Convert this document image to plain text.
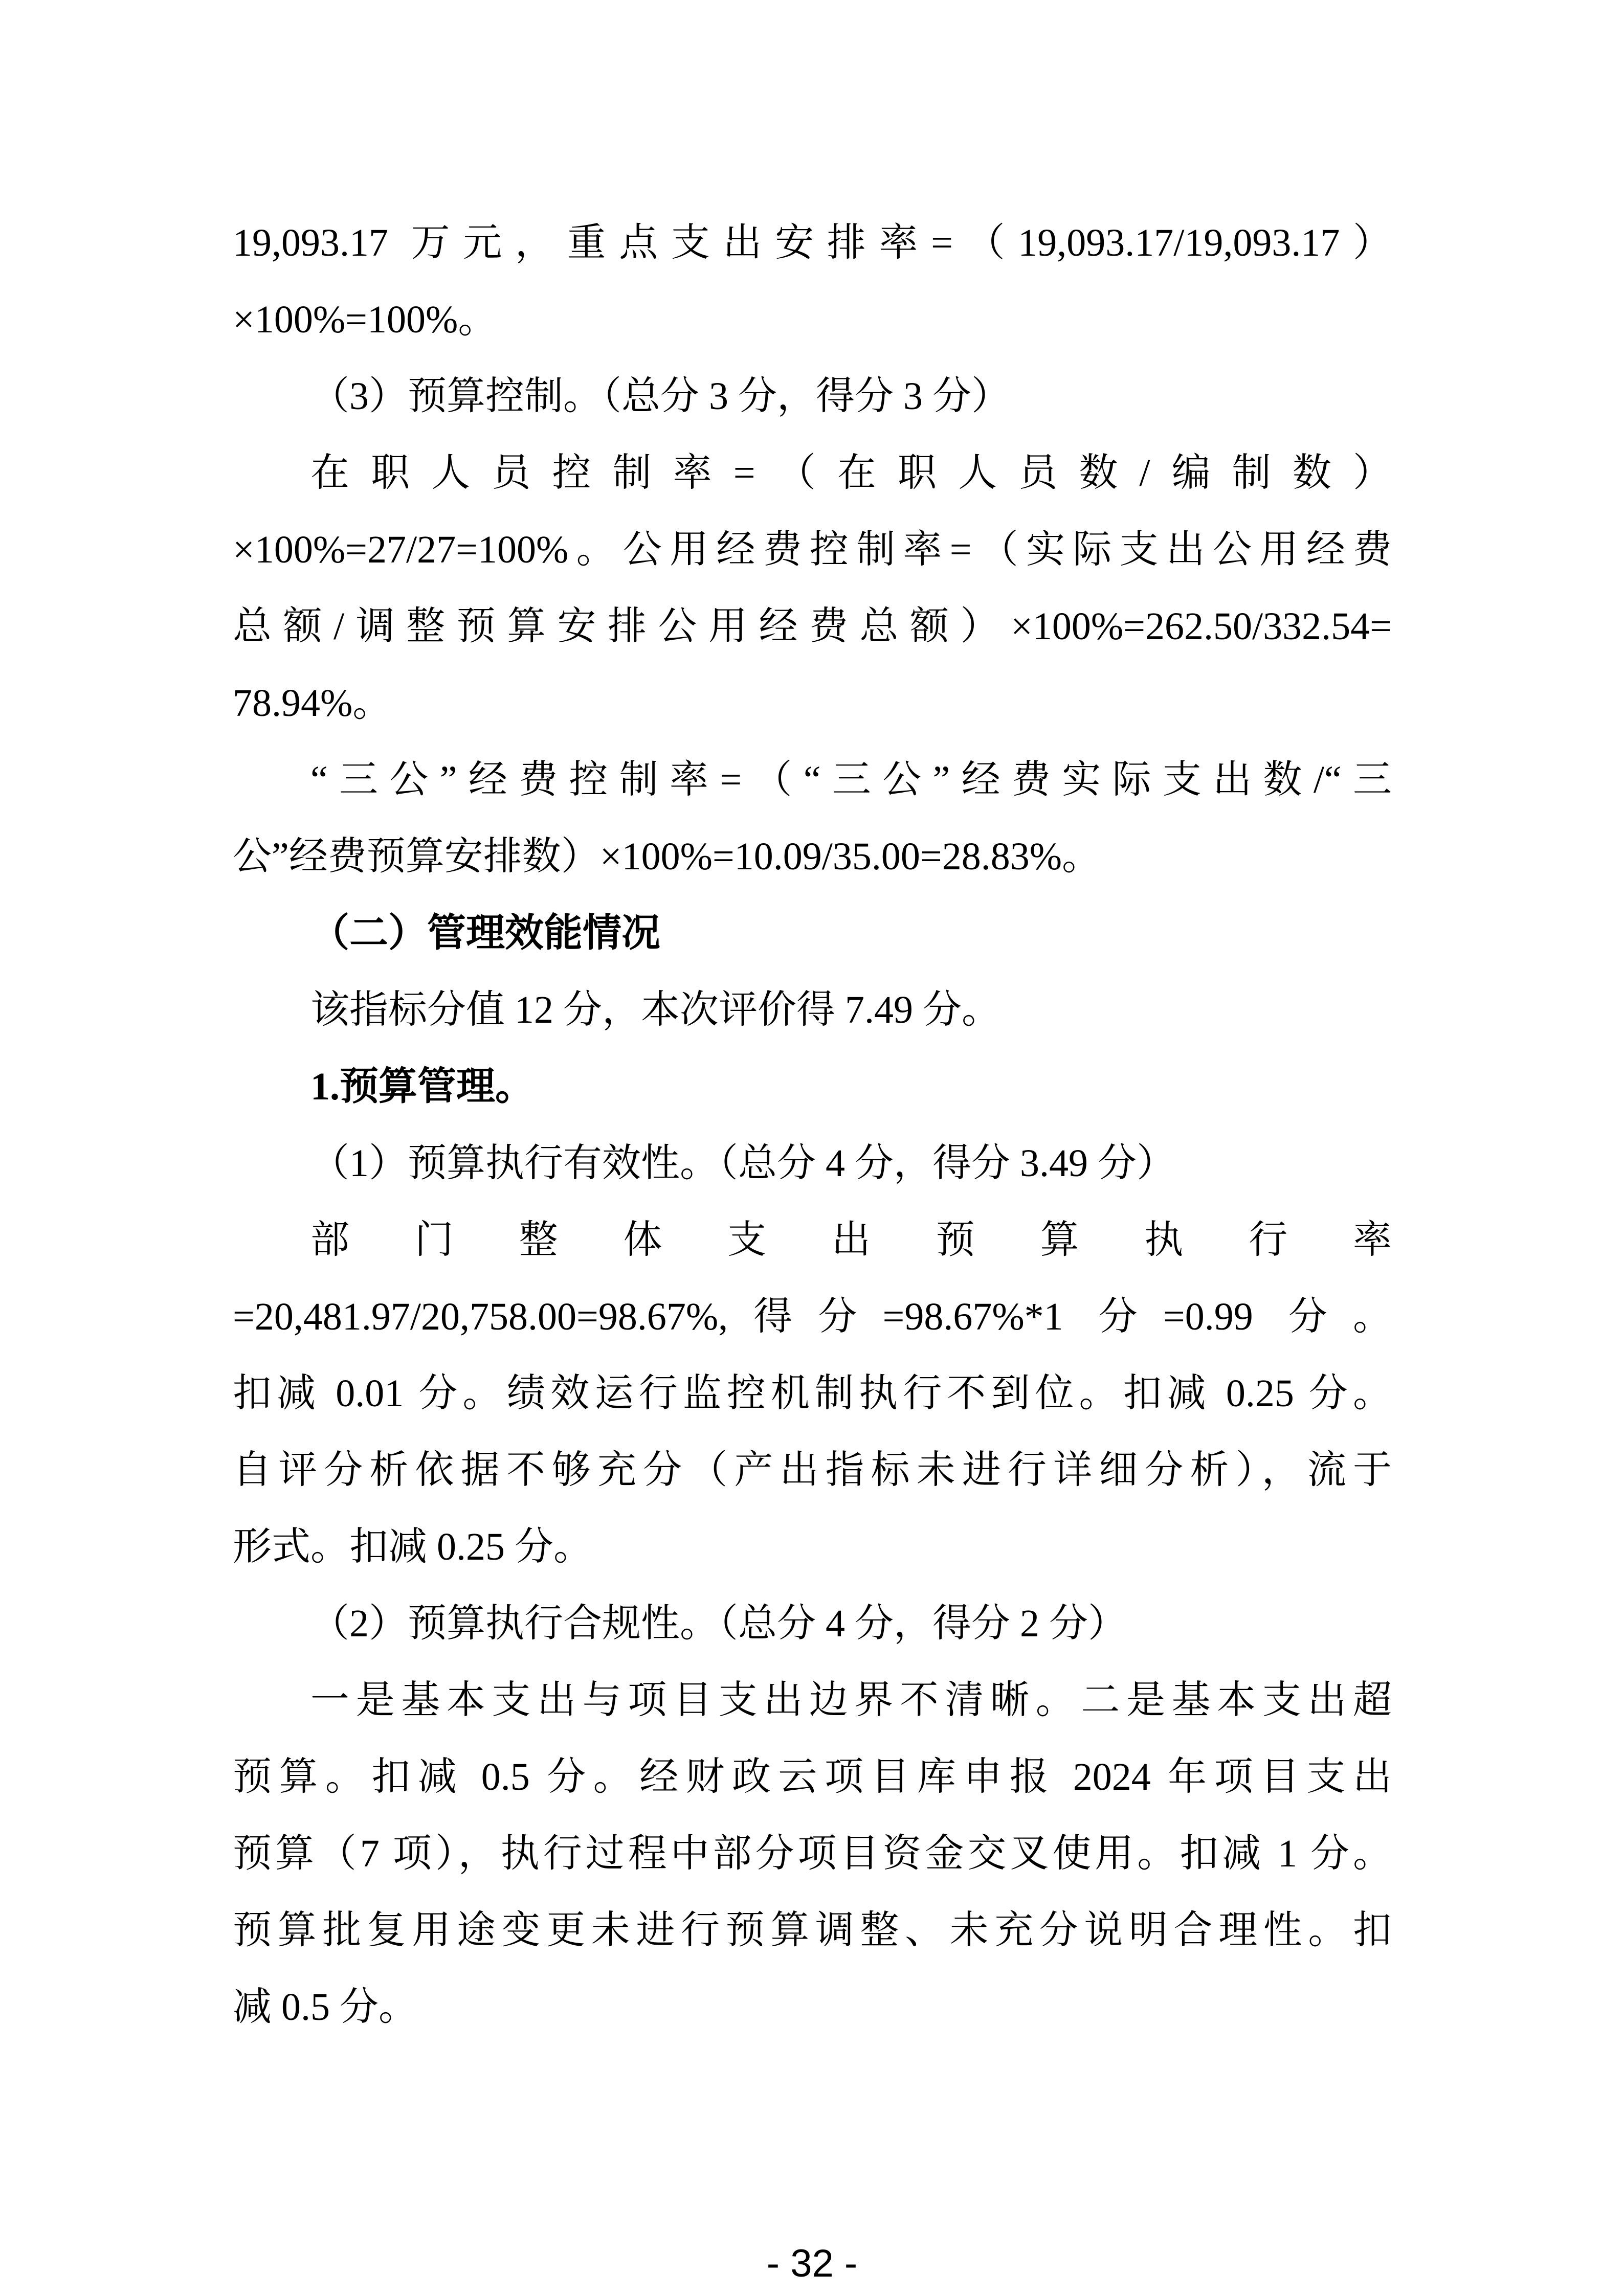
19,093.17 万元，重点支出安排率=（19,093.17/19,093.17）
×100%=100%。
（3）预算控制。（总分 3 分，得分 3 分）
在职人员控制率=（在职人员数/编制数）
×100%=27/27=100%。公用经费控制率=（实际支出公用经费
总额/调整预算安排公用经费总额）×100%=262.50/332.54=
78.94%。
“三公”经费控制率=（“三公”经费实际支出数/“三
公”经费预算安排数）×100%=10.09/35.00=28.83%。
（二）管理效能情况
该指标分值 12 分，本次评价得 7.49 分。
1.预算管理。
（1）预算执行有效性。（总分 4 分，得分 3.49 分）
部门整体支出预算执行率
=20,481.97/20,758.00=98.67%,得分=98.67%*1 分=0.99 分。
扣减 0.01 分。绩效运行监控机制执行不到位。扣减 0.25 分。
自评分析依据不够充分（产出指标未进行详细分析），流于
形式。扣减 0.25 分。
（2）预算执行合规性。（总分 4 分，得分 2 分）
一是基本支出与项目支出边界不清晰。二是基本支出超
预算。扣减 0.5 分。经财政云项目库申报 2024 年项目支出
预算（7 项），执行过程中部分项目资金交叉使用。扣减 1 分。
预算批复用途变更未进行预算调整、未充分说明合理性。扣
减 0.5 分。
- 32 -
